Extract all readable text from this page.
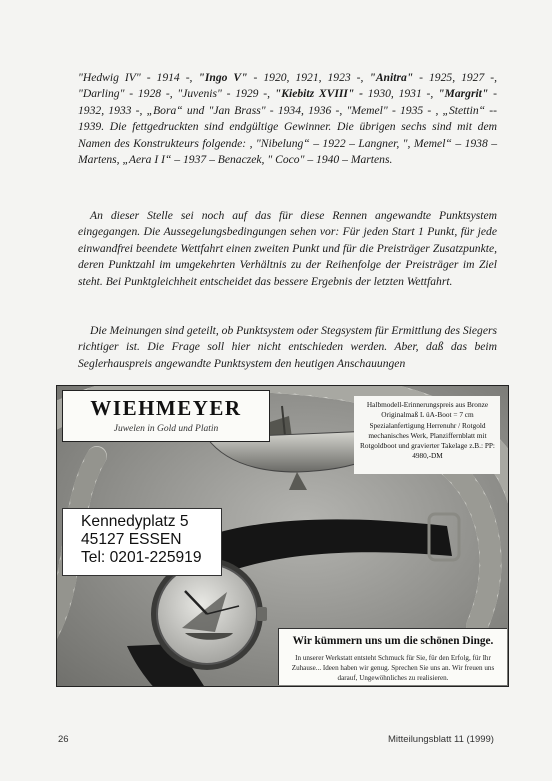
"Hedwig IV" - 1914 -, "Ingo V" - 1920, 1921, 1923 -, "Anitra" - 1925, 1927 -, "Darling" - 1928 -, "Juvenis" - 1929 -, "Kiebitz XVIII" - 1930, 1931 -, "Margrit" - 1932, 1933 -, „Bora“ und "Jan Brass" - 1934, 1936 -, "Memel" - 1935 - , „Stettin“ -- 1939. Die fettgedruckten sind endgültige Gewinner. Die übrigen sechs sind mit dem Namen des Konstrukteurs folgende: , "Nibelung“ – 1922 – Langner, ", Memel“ – 1938 – Martens, „Aera I I“ – 1937 – Benaczek, " Coco" – 1940 – Martens.

An dieser Stelle sei noch auf das für diese Rennen angewandte Punktsystem eingegangen. Die Aussegelungsbedingungen sehen vor: Für jeden Start 1 Punkt, für jede einwandfrei beendete Wettfahrt einen zweiten Punkt und für die Preisträger Zusatzpunkte, deren Punktzahl im umgekehrten Verhältnis zu der Reihenfolge der Preisträger im Ziel steht. Bei Punktgleichheit entscheidet das bessere Ergebnis der letzten Wettfahrt.

Die Meinungen sind geteilt, ob Punktsystem oder Stegsystem für Ermittlung des Siegers richtiger ist. Die Frage soll hier nicht entschieden werden. Aber, daß das beim Seglerhauspreis angewandte Punktsystem den heutigen Anschauungen

WIEHMEYER
Juwelen in Gold und Platin

Halbmodell-Erinnerungspreis aus Bronze Originalmaß L üA-Boot = 7 cm Spezialanfertigung Herrenuhr / Rotgold mechanisches Werk, Planziffernblatt mit Rotgoldboot und gravierter Takelage z.B.: PP: 4980,-DM

Kennedyplatz 5
45127 ESSEN
Tel: 0201-225919
Wir kümmern uns um die schönen Dinge.

In unserer Werkstatt entsteht Schmuck für Sie, für den Erfolg, für Ihr Zuhause... Ideen haben wir genug. Sprechen Sie uns an. Wir freuen uns darauf, Ungewöhnliches zu realisieren.

26	Mitteilungsblatt 11 (1999)
